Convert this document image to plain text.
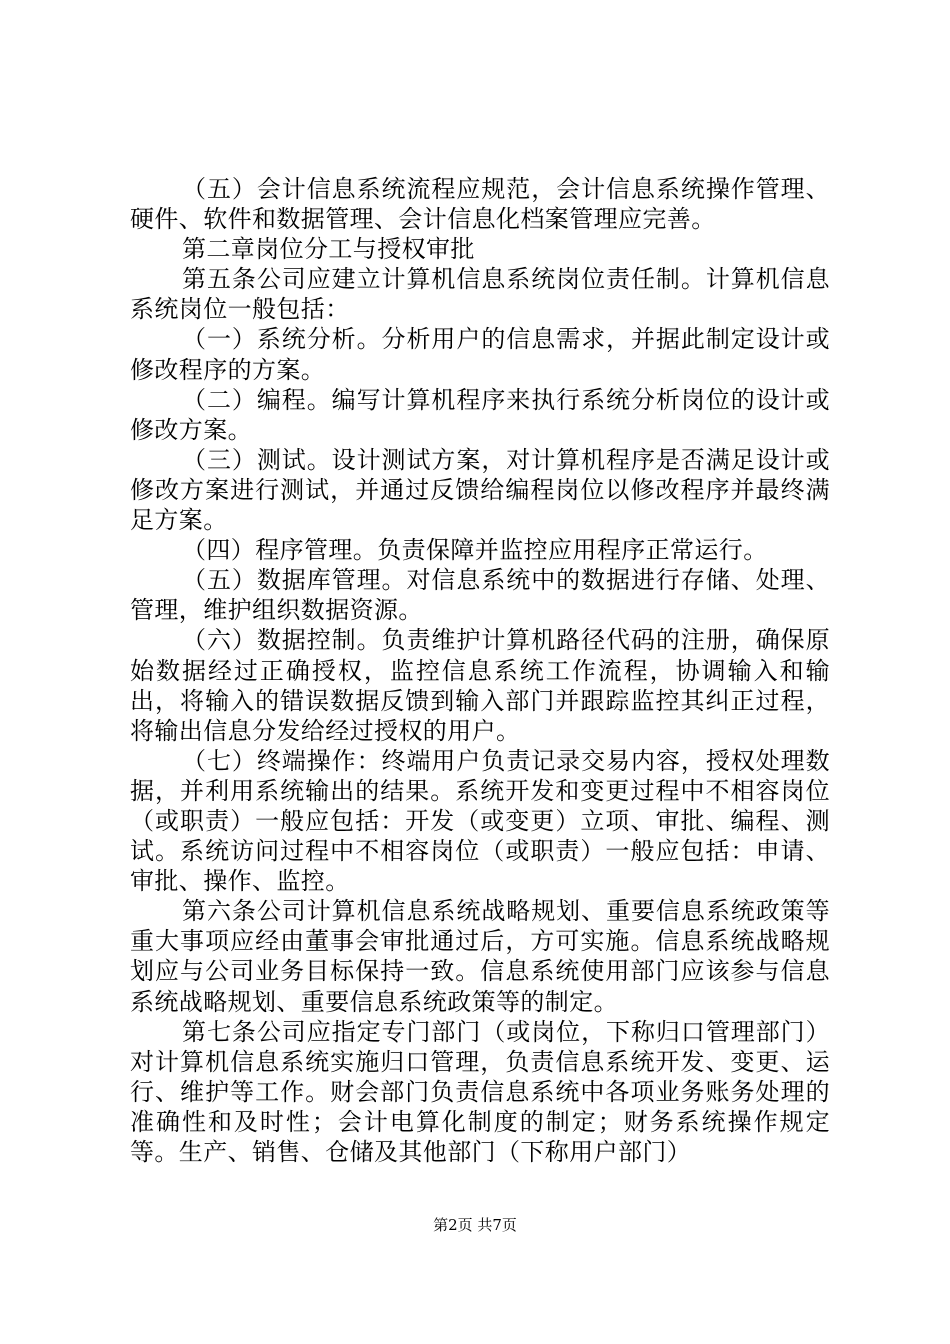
（五）会计信息系统流程应规范，会计信息系统操作管理、硬件、软件和数据管理、会计信息化档案管理应完善。

第二章岗位分工与授权审批

第五条公司应建立计算机信息系统岗位责任制。计算机信息系统岗位一般包括：

（一）系统分析。分析用户的信息需求，并据此制定设计或修改程序的方案。

（二）编程。编写计算机程序来执行系统分析岗位的设计或修改方案。

（三）测试。设计测试方案，对计算机程序是否满足设计或修改方案进行测试，并通过反馈给编程岗位以修改程序并最终满足方案。

（四）程序管理。负责保障并监控应用程序正常运行。

（五）数据库管理。对信息系统中的数据进行存储、处理、管理，维护组织数据资源。

（六）数据控制。负责维护计算机路径代码的注册，确保原始数据经过正确授权，监控信息系统工作流程，协调输入和输出，将输入的错误数据反馈到输入部门并跟踪监控其纠正过程，将输出信息分发给经过授权的用户。

（七）终端操作：终端用户负责记录交易内容，授权处理数据，并利用系统输出的结果。系统开发和变更过程中不相容岗位（或职责）一般应包括：开发（或变更）立项、审批、编程、测试。系统访问过程中不相容岗位（或职责）一般应包括：申请、审批、操作、监控。

第六条公司计算机信息系统战略规划、重要信息系统政策等重大事项应经由董事会审批通过后，方可实施。信息系统战略规划应与公司业务目标保持一致。信息系统使用部门应该参与信息系统战略规划、重要信息系统政策等的制定。

第七条公司应指定专门部门（或岗位，下称归口管理部门）对计算机信息系统实施归口管理，负责信息系统开发、变更、运行、维护等工作。财会部门负责信息系统中各项业务账务处理的准确性和及时性；会计电算化制度的制定；财务系统操作规定等。生产、销售、仓储及其他部门（下称用户部门）

第2页 共7页
